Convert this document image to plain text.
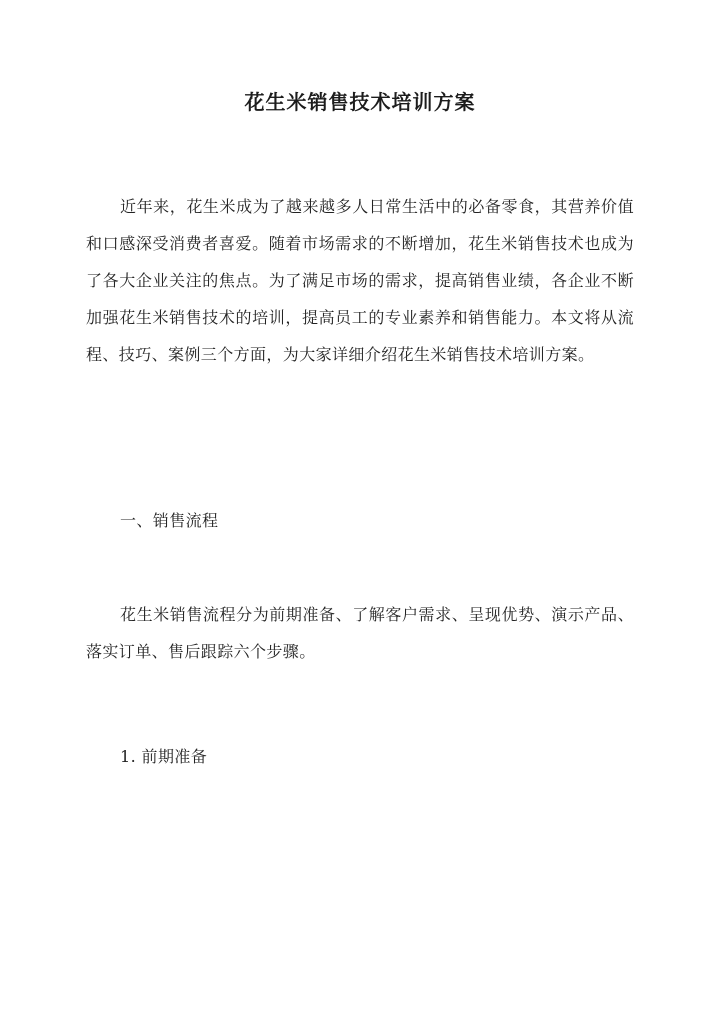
花生米销售技术培训方案

近年来，花生米成为了越来越多人日常生活中的必备零食，其营养价值和口感深受消费者喜爱。随着市场需求的不断增加，花生米销售技术也成为了各大企业关注的焦点。为了满足市场的需求，提高销售业绩，各企业不断加强花生米销售技术的培训，提高员工的专业素养和销售能力。本文将从流程、技巧、案例三个方面，为大家详细介绍花生米销售技术培训方案。

一、销售流程

花生米销售流程分为前期准备、了解客户需求、呈现优势、演示产品、落实订单、售后跟踪六个步骤。

1. 前期准备
